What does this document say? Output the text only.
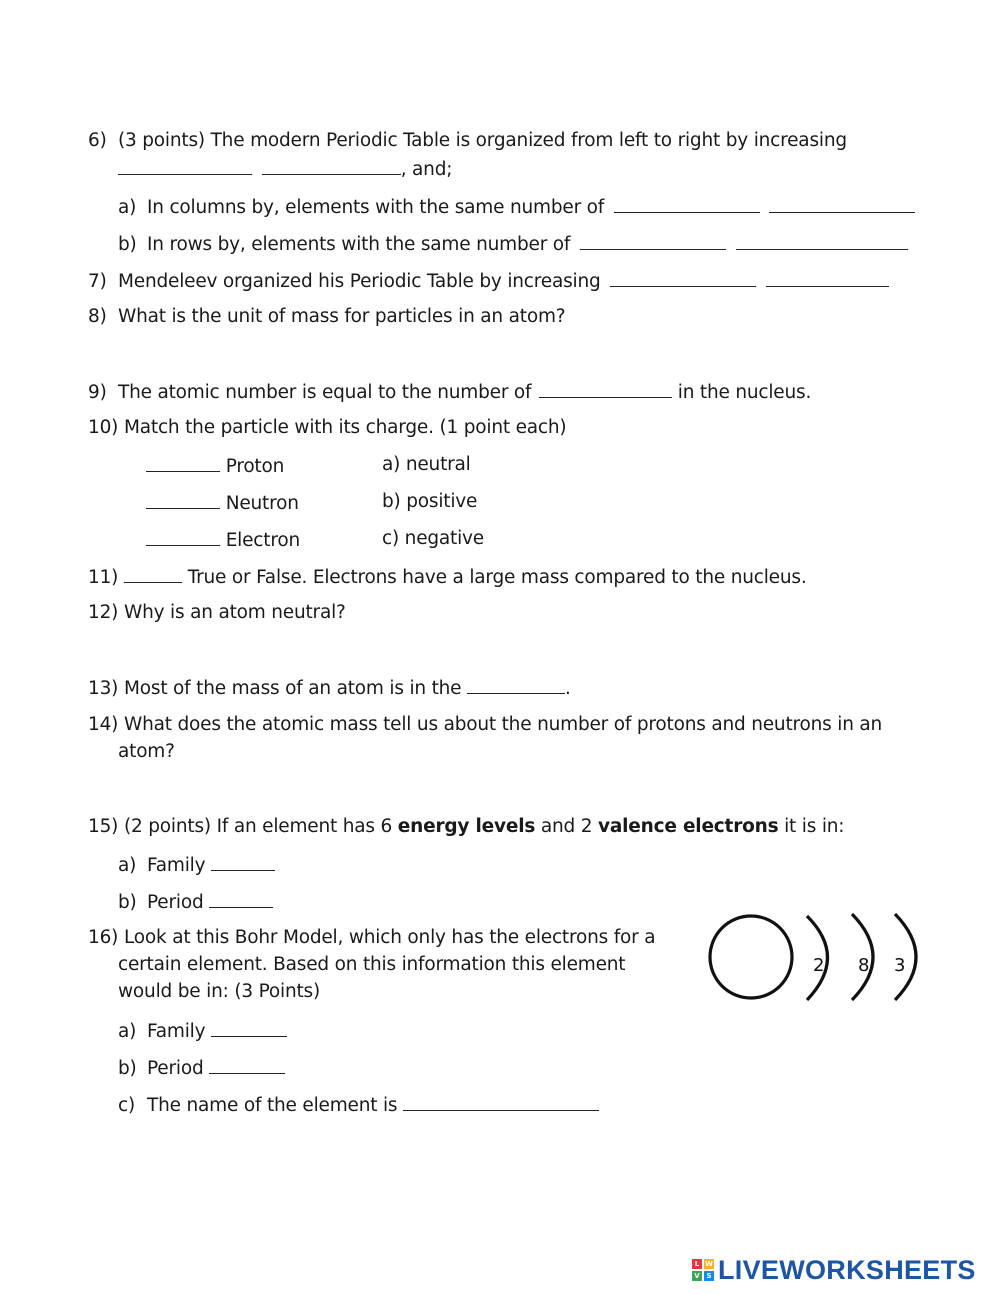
6) (3 points) The modern Periodic Table is organized from left to right by increasing
, and;
a) In columns by, elements with the same number of
b) In rows by, elements with the same number of
7) Mendeleev organized his Periodic Table by increasing
8) What is the unit of mass for particles in an atom?
9) The atomic number is equal to the number of	in the nucleus.
10) Match the particle with its charge. (1 point each)
Proton	a) neutral
Neutron	b) positive
Electron	c) negative
11)	True or False. Electrons have a large mass compared to the nucleus.
12) Why is an atom neutral?
13) Most of the mass of an atom is in the	.
14) What does the atomic mass tell us about the number of protons and neutrons in an
atom?
15) (2 points) If an element has 6 energy levels and 2 valence electrons it is in:
a) Family
b) Period
16) Look at this Bohr Model, which only has the electrons for a
certain element. Based on this information this element
would be in: (3 Points)
a) Family
b) Period
c) The name of the element is
2 8 3
L W
V S LIVEWORKSHEETS
